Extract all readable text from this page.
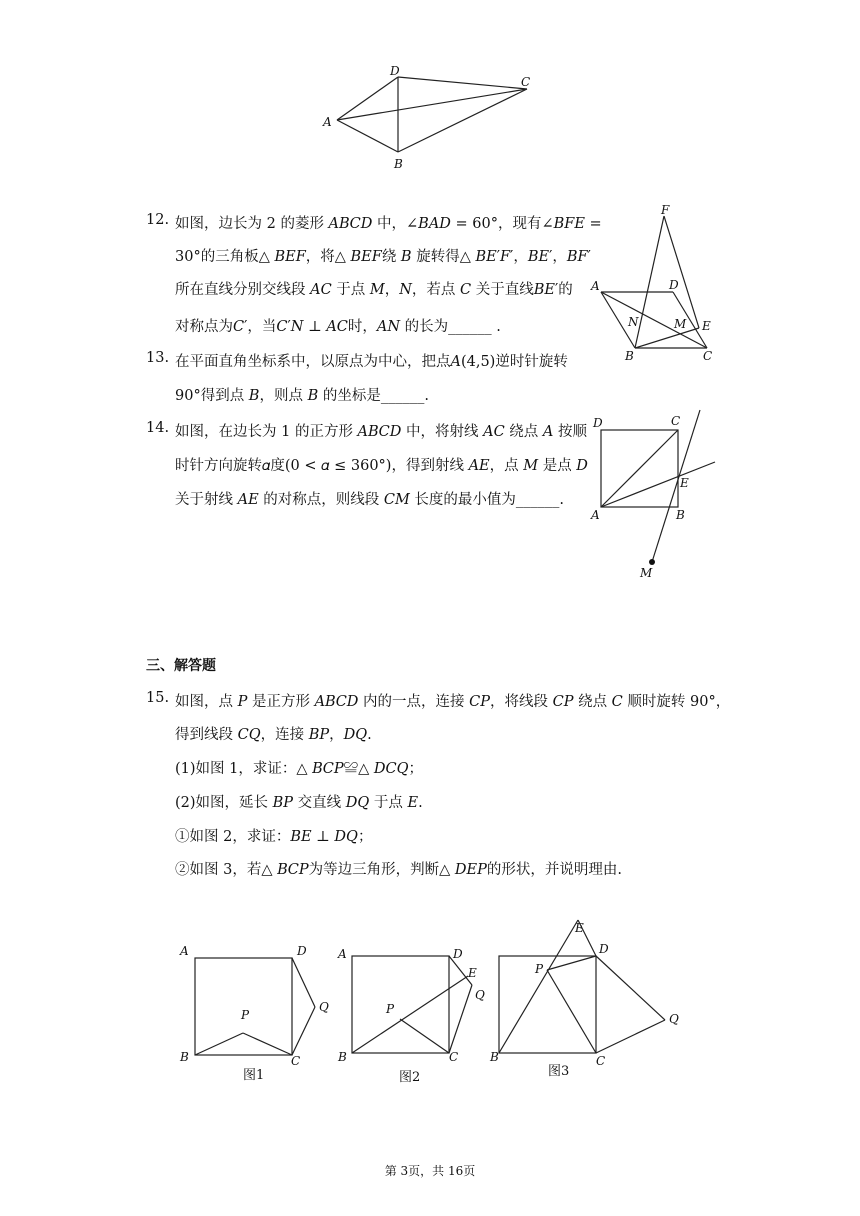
D
C
A
B
12. 如图，边长为 2 的菱形 𝐴𝐵𝐶𝐷 中，∠𝐵𝐴𝐷 = 60°，现有∠𝐵𝐹𝐸 =
30°的三角板△ 𝐵𝐸𝐹，将△ 𝐵𝐸𝐹绕 𝐵 旋转得△ 𝐵𝐸′𝐹′，𝐵𝐸′，𝐵𝐹′
所在直线分别交线段 𝐴𝐶 于点 𝑀，𝑁，若点 𝐶 关于直线𝐵𝐸′的
对称点为𝐶′，当𝐶′𝑁 ⊥ 𝐴𝐶时，𝐴𝑁 的长为______ .
F
A	D
N	M E
B	C
13. 在平面直角坐标系中，以原点为中心，把点𝐴(4,5)逆时针旋转
90°得到点 𝐵，则点 𝐵 的坐标是______.
14. 如图，在边长为 1 的正方形 𝐴𝐵𝐶𝐷 中，将射线 𝐴𝐶 绕点 𝐴 按顺
时针方向旋转𝛼度(0 < 𝛼 ≤ 360°)，得到射线 𝐴𝐸，点 𝑀 是点 𝐷
关于射线 𝐴𝐸 的对称点，则线段 𝐶𝑀 长度的最小值为______.
D	C
E
A	B
M
三、解答题
15. 如图，点 𝑃 是正方形 𝐴𝐵𝐶𝐷 内的一点，连接 𝐶𝑃，将线段 𝐶𝑃 绕点 𝐶 顺时旋转 90°，
得到线段 𝐶𝑄，连接 𝐵𝑃，𝐷𝑄.
(1)如图 1，求证：△ 𝐵𝐶𝑃≌△ 𝐷𝐶𝑄；
(2)如图，延长 𝐵𝑃 交直线 𝐷𝑄 于点 𝐸.
①如图 2，求证：𝐵𝐸 ⊥ 𝐷𝑄；
②如图 3，若△ 𝐵𝐶𝑃为等边三角形，判断△ 𝐷𝐸𝑃的形状，并说明理由.
A	D
Q
P
B	C
图1
A	D
E
Q
P
B	C
图2
E
D
P
Q
B	C
图3
第 3页，共 16页
